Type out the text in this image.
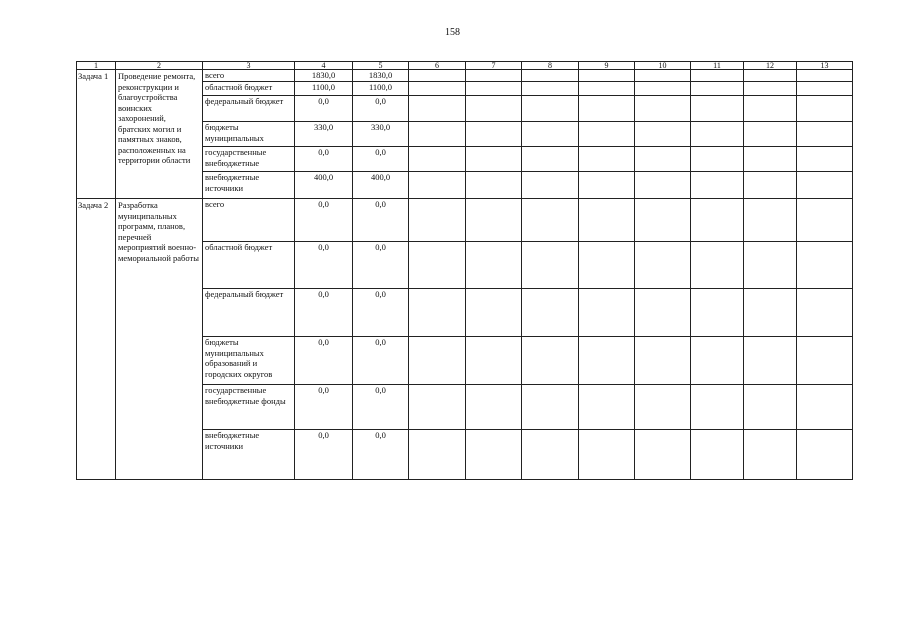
158
1	2	3	4	5	6	7	8	9	10	11	12	13
Задача 1	Проведение ремонта, реконструкции и благоустройства воинских захоронений, братских могил и памятных знаков, расположенных на территории области	всего	1830,0	1830,0								
		областной бюджет	1100,0	1100,0								
		федеральный бюджет	0,0	0,0								
		бюджеты муниципальных	330,0	330,0								
		государственные внебюджетные	0,0	0,0								
		внебюджетные источники	400,0	400,0								
Задача 2	Разработка муниципальных программ, планов, перечней мероприятий военно-мемориальной работы	всего	0,0	0,0								
		областной бюджет	0,0	0,0								
		федеральный бюджет	0,0	0,0								
		бюджеты муниципальных образований и городских округов	0,0	0,0								
		государственные внебюджетные фонды	0,0	0,0								
		внебюджетные источники	0,0	0,0								
